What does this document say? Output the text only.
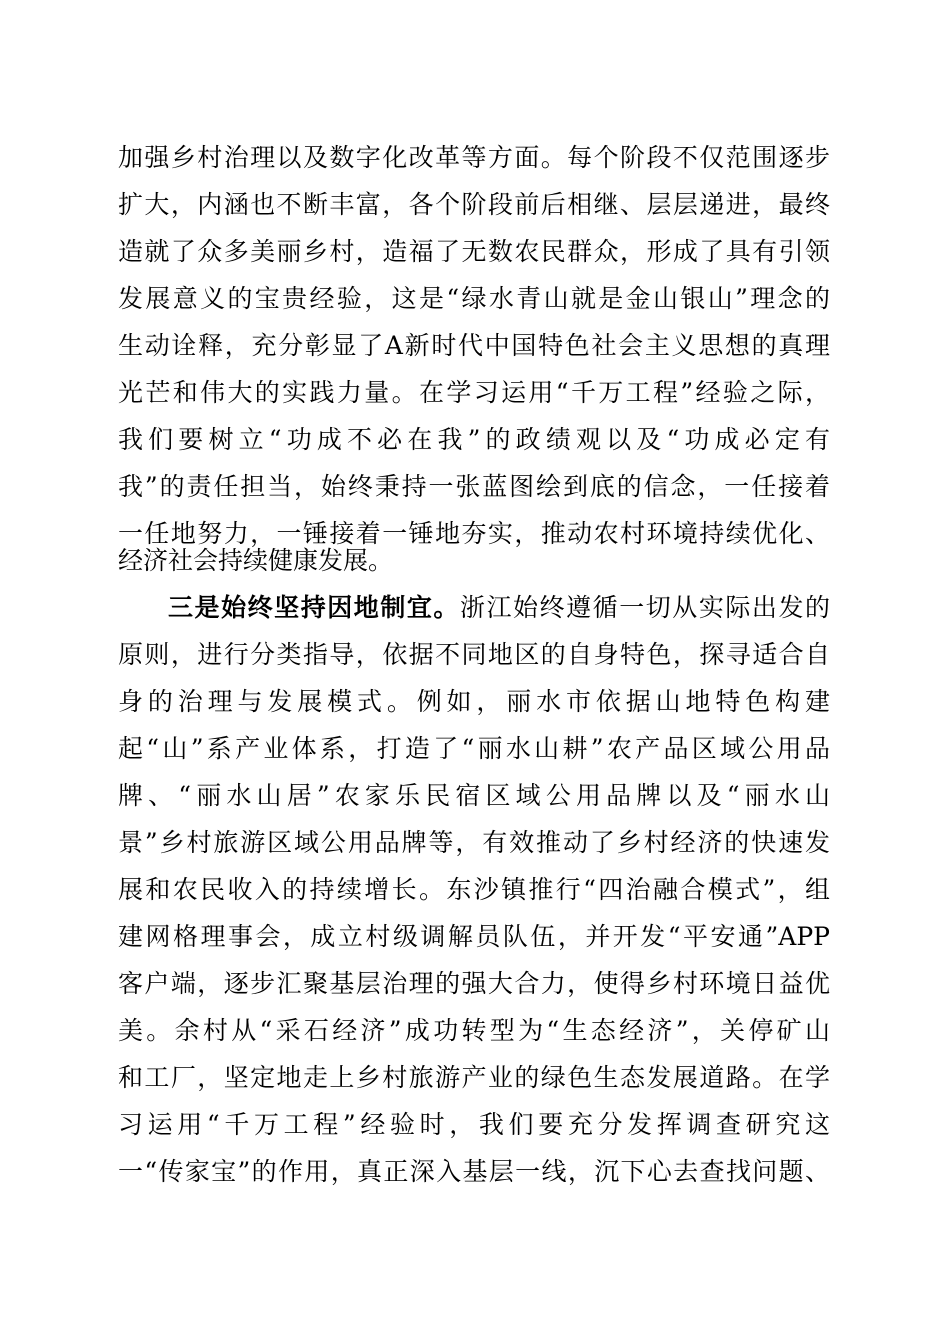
加强乡村治理以及数字化改革等方面。每个阶段不仅范围逐步
扩大，内涵也不断丰富，各个阶段前后相继、层层递进，最终
造就了众多美丽乡村，造福了无数农民群众，形成了具有引领
发展意义的宝贵经验，这是“绿水青山就是金山银山”理念的
生动诠释，充分彰显了A新时代中国特色社会主义思想的真理
光芒和伟大的实践力量。在学习运用“千万工程”经验之际，
我们要树立“功成不必在我”的政绩观以及“功成必定有
我”的责任担当，始终秉持一张蓝图绘到底的信念，一任接着
一任地努力，一锤接着一锤地夯实，推动农村环境持续优化、
经济社会持续健康发展。
三是始终坚持因地制宜。浙江始终遵循一切从实际出发的
原则，进行分类指导，依据不同地区的自身特色，探寻适合自
身的治理与发展模式。例如，丽水市依据山地特色构建
起“山”系产业体系，打造了“丽水山耕”农产品区域公用品
牌、“丽水山居”农家乐民宿区域公用品牌以及“丽水山
景”乡村旅游区域公用品牌等，有效推动了乡村经济的快速发
展和农民收入的持续增长。东沙镇推行“四治融合模式”，组
建网格理事会，成立村级调解员队伍，并开发“平安通”APP
客户端，逐步汇聚基层治理的强大合力，使得乡村环境日益优
美。余村从“采石经济”成功转型为“生态经济”，关停矿山
和工厂，坚定地走上乡村旅游产业的绿色生态发展道路。在学
习运用“千万工程”经验时，我们要充分发挥调查研究这
一“传家宝”的作用，真正深入基层一线，沉下心去查找问题、
